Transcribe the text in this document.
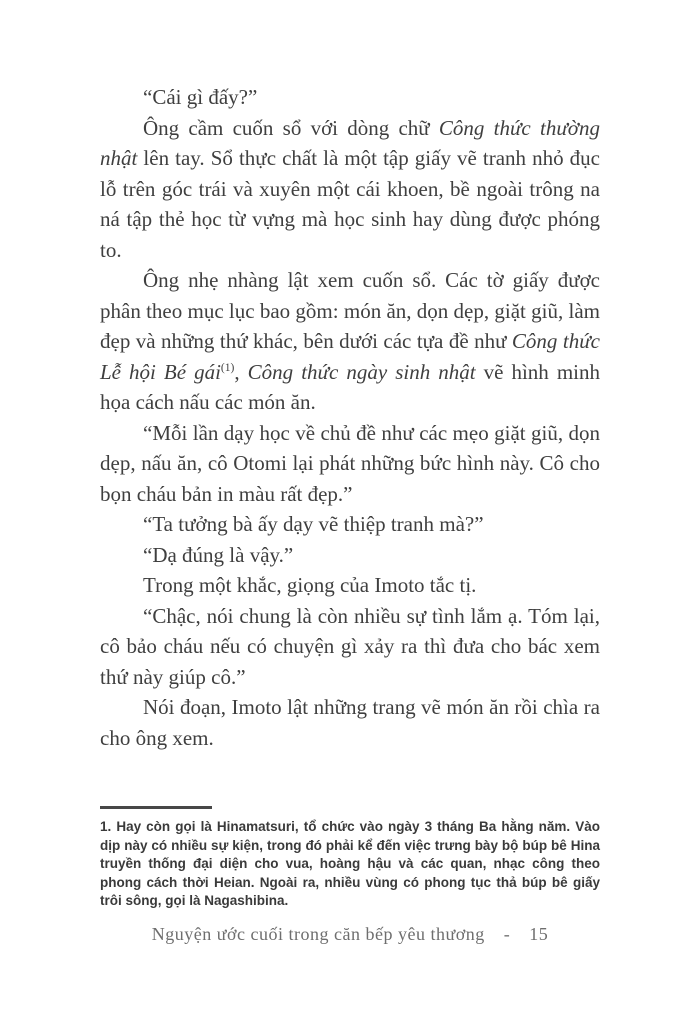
“Cái gì đấy?”

Ông cầm cuốn sổ với dòng chữ Công thức thường nhật lên tay. Sổ thực chất là một tập giấy vẽ tranh nhỏ đục lỗ trên góc trái và xuyên một cái khoen, bề ngoài trông na ná tập thẻ học từ vựng mà học sinh hay dùng được phóng to.

Ông nhẹ nhàng lật xem cuốn sổ. Các tờ giấy được phân theo mục lục bao gồm: món ăn, dọn dẹp, giặt giũ, làm đẹp và những thứ khác, bên dưới các tựa đề như Công thức Lễ hội Bé gái$^{(1)}$, Công thức ngày sinh nhật vẽ hình minh họa cách nấu các món ăn.

“Mỗi lần dạy học về chủ đề như các mẹo giặt giũ, dọn dẹp, nấu ăn, cô Otomi lại phát những bức hình này. Cô cho bọn cháu bản in màu rất đẹp.”

“Ta tưởng bà ấy dạy vẽ thiệp tranh mà?”

“Dạ đúng là vậy.”

Trong một khắc, giọng của Imoto tắc tị.

“Chậc, nói chung là còn nhiều sự tình lắm ạ. Tóm lại, cô bảo cháu nếu có chuyện gì xảy ra thì đưa cho bác xem thứ này giúp cô.”

Nói đoạn, Imoto lật những trang vẽ món ăn rồi chìa ra cho ông xem.

1. Hay còn gọi là Hinamatsuri, tổ chức vào ngày 3 tháng Ba hằng năm. Vào dịp này có nhiều sự kiện, trong đó phải kể đến việc trưng bày bộ búp bê Hina truyền thống đại diện cho vua, hoàng hậu và các quan, nhạc công theo phong cách thời Heian. Ngoài ra, nhiều vùng có phong tục thả búp bê giấy trôi sông, gọi là Nagashibina.
Nguyện ước cuối trong căn bếp yêu thương - 15
